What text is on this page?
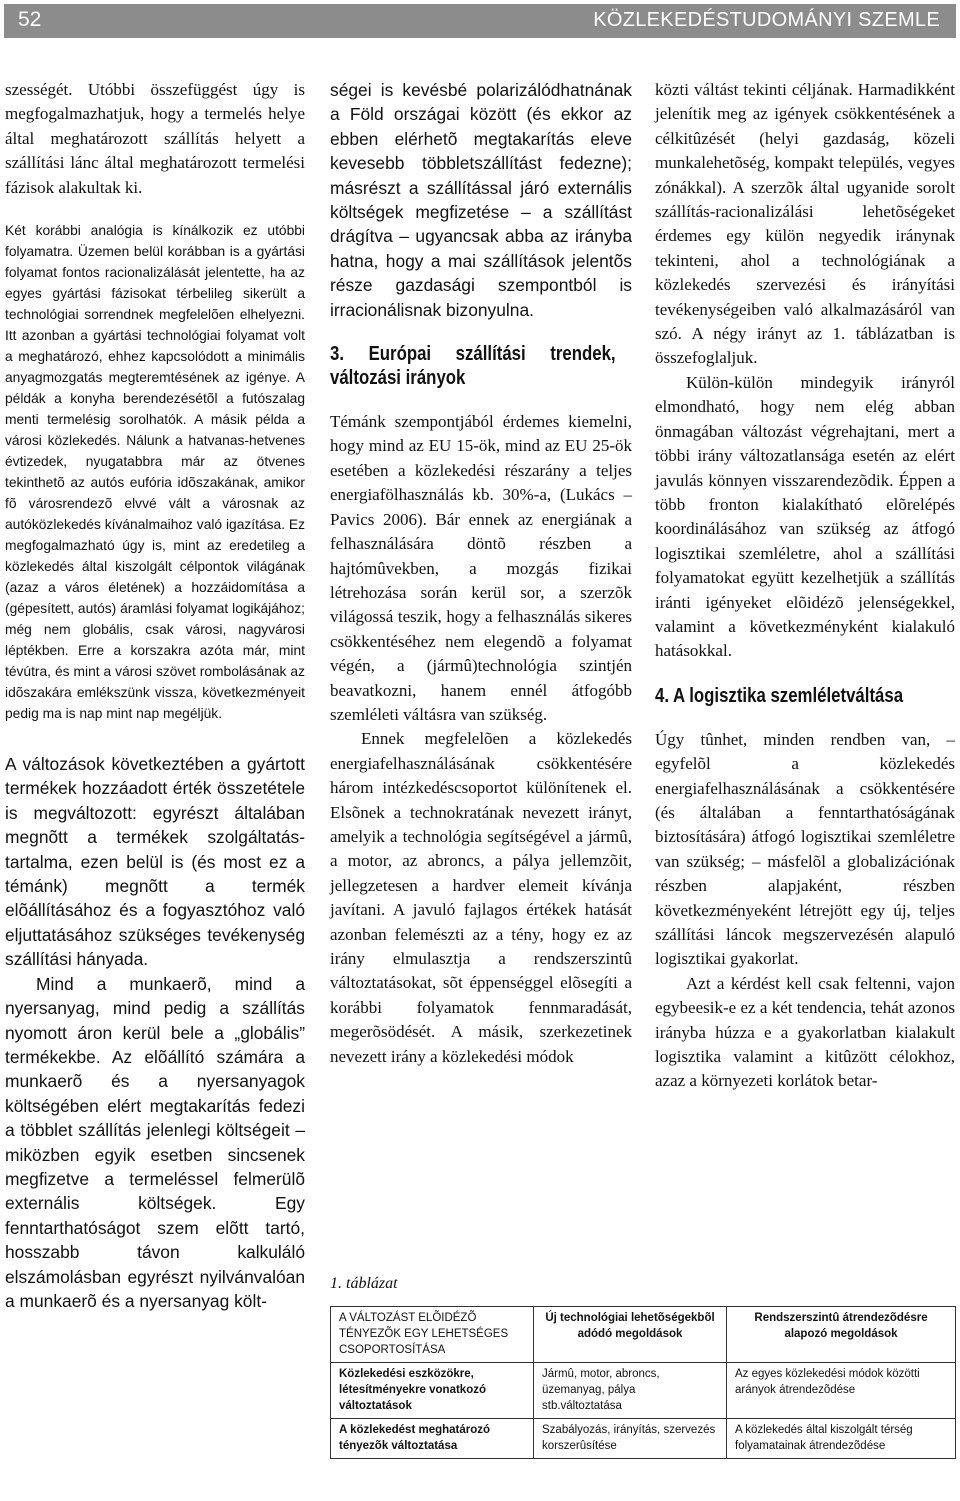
52	KÖZLEKEDÉSTUDOMÁNYI SZEMLE

szességét. Utóbbi összefüggést úgy is megfogalmazhatjuk, hogy a termelés helye által meghatározott szállítás helyett a szállítási lánc által meghatározott termelési fázisok alakultak ki.

Két korábbi analógia is kínálkozik ez utóbbi folyamatra. Üzemen belül korábban is a gyártási folyamat fontos racionalizálását jelentette, ha az egyes gyártási fázisokat térbelileg sikerült a technológiai sorrendnek megfelelõen elhelyezni. Itt azonban a gyártási technológiai folyamat volt a meghatározó, ehhez kapcsolódott a minimális anyagmozgatás megteremtésének az igénye. A példák a konyha berendezésétõl a futószalag menti termelésig sorolhatók. A másik példa a városi közlekedés. Nálunk a hatvanas-hetvenes évtizedek, nyugatabbra már az ötvenes tekinthetõ az autós eufória idõszakának, amikor fõ városrendezõ elvvé vált a városnak az autóközlekedés kívánalmaihoz való igazítása. Ez megfogalmazható úgy is, mint az eredetileg a közlekedés által kiszolgált célpontok világának (azaz a város életének) a hozzáidomítása a (gépesített, autós) áramlási folyamat logikájához; még nem globális, csak városi, nagyvárosi léptékben. Erre a korszakra azóta már, mint tévútra, és mint a városi szövet rombolásának az idõszakára emlékszünk vissza, következményeit pedig ma is nap mint nap megéljük.

A változások következtében a gyártott termékek hozzáadott érték összetétele is megváltozott: egyrészt általában megnõtt a termékek szolgáltatás-tartalma, ezen belül is (és most ez a témánk) megnõtt a termék elõállításához és a fogyasztóhoz való eljuttatásához szükséges tevékenység szállítási hányada.

Mind a munkaerõ, mind a nyersanyag, mind pedig a szállítás nyomott áron kerül bele a „globális” termékekbe. Az elõállító számára a munkaerõ és a nyersanyagok költségében elért megtakarítás fedezi a többlet szállítás jelenlegi költségeit – miközben egyik esetben sincsenek megfizetve a termeléssel felmerülõ externális költségek. Egy fenntarthatóságot szem elõtt tartó, hosszabb távon kalkuláló elszámolásban egyrészt nyilvánvalóan a munkaerõ és a nyersanyag költ-

ségei is kevésbé polarizálódhatnának a Föld országai között (és ekkor az ebben elérhetõ megtakarítás eleve kevesebb többletszállítást fedezne); másrészt a szállítással járó externális költségek megfizetése – a szállítást drágítva – ugyancsak abba az irányba hatna, hogy a mai szállítások jelentõs része gazdasági szempontból is irracionálisnak bizonyulna.

3. Európai szállítási trendek, változási irányok

Témánk szempontjából érdemes kiemelni, hogy mind az EU 15-ök, mind az EU 25-ök esetében a közlekedési részarány a teljes energiafölhasználás kb. 30%-a, (Lukács – Pavics 2006). Bár ennek az energiának a felhasználására döntõ részben a hajtómûvekben, a mozgás fizikai létrehozása során kerül sor, a szerzõk világossá teszik, hogy a felhasználás sikeres csökkentéséhez nem elegendõ a folyamat végén, a (jármû)technológia szintjén beavatkozni, hanem ennél átfogóbb szemléleti váltásra van szükség.

Ennek megfelelõen a közlekedés energiafelhasználásának csökkentésére három intézkedéscsoportot különítenek el. Elsõnek a technokratának nevezett irányt, amelyik a technológia segítségével a jármû, a motor, az abroncs, a pálya jellemzõit, jellegzetesen a hardver elemeit kívánja javítani. A javuló fajlagos értékek hatását azonban felemészti az a tény, hogy ez az irány elmulasztja a rendszerszintû változtatásokat, sõt éppenséggel elõsegíti a korábbi folyamatok fennmaradását, megerõsödését. A másik, szerkezetinek nevezett irány a közlekedési módok

közti váltást tekinti céljának. Harmadikként jelenítik meg az igények csökkentésének a célkitûzését (helyi gazdaság, közeli munkalehetõség, kompakt település, vegyes zónákkal). A szerzõk által ugyanide sorolt szállítás-racionalizálási lehetõségeket érdemes egy külön negyedik iránynak tekinteni, ahol a technológiának a közlekedés szervezési és irányítási tevékenységeiben való alkalmazásáról van szó. A négy irányt az 1. táblázatban is összefoglaljuk.

Külön-külön mindegyik irányról elmondható, hogy nem elég abban önmagában változást végrehajtani, mert a többi irány változatlansága esetén az elért javulás könnyen visszarendezõdik. Éppen a több fronton kialakítható elõrelépés koordinálásához van szükség az átfogó logisztikai szemléletre, ahol a szállítási folyamatokat együtt kezelhetjük a szállítás iránti igényeket elõidézõ jelenségekkel, valamint a következményként kialakuló hatásokkal.

4. A logisztika szemléletváltása

Úgy tûnhet, minden rendben van, – egyfelõl a közlekedés energiafelhasználásának a csökkentésére (és általában a fenntarthatóságának biztosítására) átfogó logisztikai szemléletre van szükség; – másfelõl a globalizációnak részben alapjaként, részben következményeként létrejött egy új, teljes szállítási láncok megszervezésén alapuló logisztikai gyakorlat.

Azt a kérdést kell csak feltenni, vajon egybeesik-e ez a két tendencia, tehát azonos irányba húzza e a gyakorlatban kialakult logisztika valamint a kitûzött célokhoz, azaz a környezeti korlátok betar-

1. táblázat
A VÁLTOZÁST ELÕIDÉZÕ TÉNYEZÕK EGY LEHETSÉGES CSOPORTOSÍTÁSA	Új technológiai lehetõségekbõl adódó megoldások	Rendszerszintû átrendezõdésre alapozó megoldások
Közlekedési eszközökre, létesítményekre vonatkozó változtatások	Jármû, motor, abroncs, üzemanyag, pálya stb.változtatása	Az egyes közlekedési módok közötti arányok átrendezõdése
A közlekedést meghatározó tényezõk változtatása	Szabályozás, irányítás, szervezés korszerûsítése	A közlekedés által kiszolgált térség folyamatainak átrendezõdése
